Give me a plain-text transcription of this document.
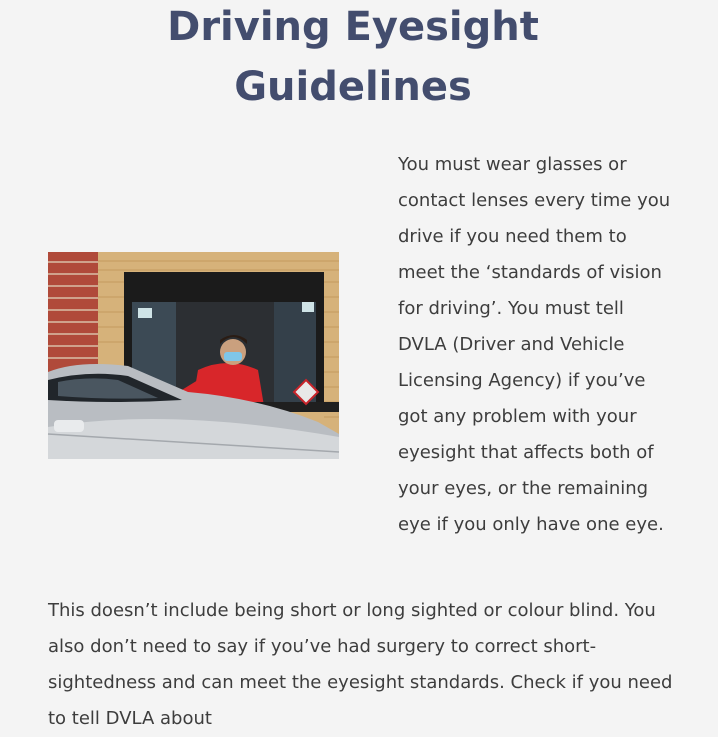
Driving Eyesight
Guidelines

You must wear glasses or contact lenses every time you drive if you need them to meet the ‘standards of vision for driving’. You must tell DVLA (Driver and Vehicle Licensing Agency) if you’ve got any problem with your eyesight that affects both of your eyes, or the remaining eye if you only have one eye.

This doesn’t include being short or long sighted or colour blind. You also don’t need to say if you’ve had surgery to correct short-sightedness and can meet the eyesight standards. Check if you need to tell DVLA about
